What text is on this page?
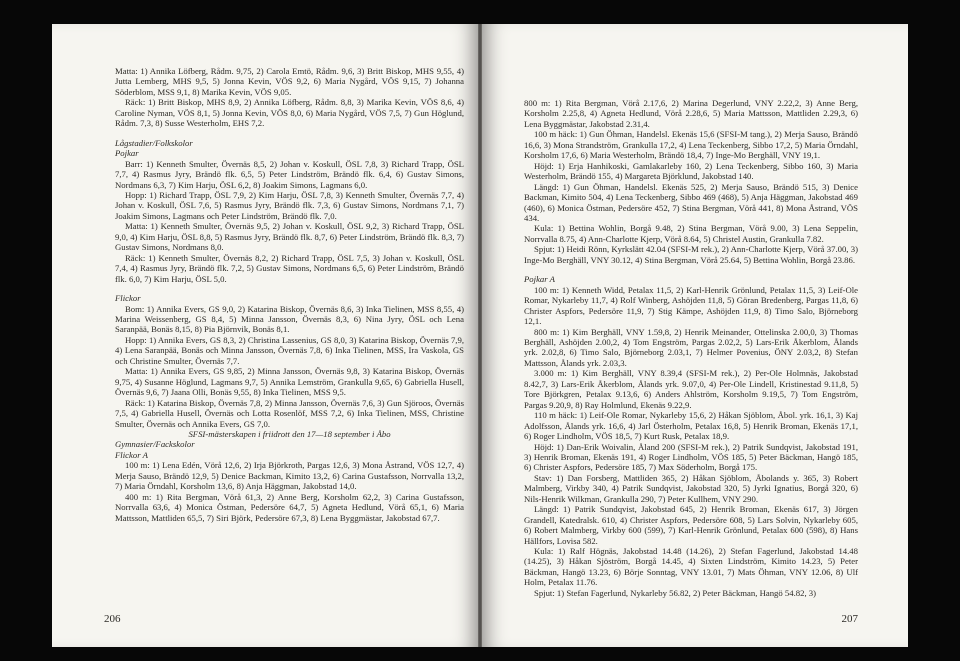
Matta: 1) Annika Löfberg, Rådm. 9,75, 2) Carola Emtö, Rådm. 9,6, 3) Britt Biskop, MHS 9,55, 4) Jutta Lemberg, MHS 9,5, 5) Jonna Kevin, VÖS 9,2, 6) Maria Nygård, VÖS 9,15, 7) Johanna Söderblom, MSS 9,1, 8) Marika Kevin, VÖS 9,05.

Räck: 1) Britt Biskop, MHS 8,9, 2) Annika Löfberg, Rådm. 8,8, 3) Marika Kevin, VÖS 8,6, 4) Caroline Nyman, VÖS 8,1, 5) Jonna Kevin, VÖS 8,0, 6) Maria Nygård, VÖS 7,5, 7) Gun Höglund, Rådm. 7,3, 8) Susse Westerholm, EHS 7,2.

Lågstadier/Folkskolor

Pojkar

Barr: 1) Kenneth Smulter, Övernäs 8,5, 2) Johan v. Koskull, ÖSL 7,8, 3) Richard Trapp, ÖSL 7,7, 4) Rasmus Jyry, Brändö flk. 6,5, 5) Peter Lindström, Brändö flk. 6,4, 6) Gustav Simons, Nordmans 6,3, 7) Kim Harju, ÖSL 6,2, 8) Joakim Simons, Lagmans 6,0.

Hopp: 1) Richard Trapp, ÖSL 7,9, 2) Kim Harju, ÖSL 7,8, 3) Kenneth Smulter, Övernäs 7,7, 4) Johan v. Koskull, ÖSL 7,6, 5) Rasmus Jyry, Brändö flk. 7,3, 6) Gustav Simons, Nordmans 7,1, 7) Joakim Simons, Lagmans och Peter Lindström, Brändö flk. 7,0.

Matta: 1) Kenneth Smulter, Övernäs 9,5, 2) Johan v. Koskull, ÖSL 9,2, 3) Richard Trapp, ÖSL 9,0, 4) Kim Harju, ÖSL 8,8, 5) Rasmus Jyry, Brändö flk. 8,7, 6) Peter Lindström, Brändö flk. 8,3, 7) Gustav Simons, Nordmans 8,0.

Räck: 1) Kenneth Smulter, Övernäs 8,2, 2) Richard Trapp, ÖSL 7,5, 3) Johan v. Koskull, ÖSL 7,4, 4) Rasmus Jyry, Brändö flk. 7,2, 5) Gustav Simons, Nordmans 6,5, 6) Peter Lindström, Brändö flk. 6,0, 7) Kim Harju, ÖSL 5,0.

Flickor

Bom: 1) Annika Evers, GS 9,0, 2) Katarina Biskop, Övernäs 8,6, 3) Inka Tielinen, MSS 8,55, 4) Marina Weissenberg, GS 8,4, 5) Minna Jansson, Övernäs 8,3, 6) Nina Jyry, ÖSL och Lena Saranpää, Bonäs 8,15, 8) Pia Björnvik, Bonäs 8,1.

Hopp: 1) Annika Evers, GS 8,3, 2) Christina Lassenius, GS 8,0, 3) Katarina Biskop, Övernäs 7,9, 4) Lena Saranpää, Bonäs och Minna Jansson, Övernäs 7,8, 6) Inka Tielinen, MSS, Ira Vaskola, GS och Christine Smulter, Övernäs 7,7.

Matta: 1) Annika Evers, GS 9,85, 2) Minna Jansson, Övernäs 9,8, 3) Katarina Biskop, Övernäs 9,75, 4) Susanne Höglund, Lagmans 9,7, 5) Annika Lemström, Grankulla 9,65, 6) Gabriella Husell, Övernäs 9,6, 7) Jaana Olli, Bonäs 9,55, 8) Inka Tielinen, MSS 9,5.

Räck: 1) Katarina Biskop, Övernäs 7,8, 2) Minna Jansson, Övernäs 7,6, 3) Gun Sjöroos, Övernäs 7,5, 4) Gabriella Husell, Övernäs och Lotta Rosenlöf, MSS 7,2, 6) Inka Tielinen, MSS, Christine Smulter, Övernäs och Annika Evers, GS 7,0.

SFSI-mästerskapen i friidrott den 17—18 september i Åbo

Gymnasier/Fackskolor

Flickor A

100 m: 1) Lena Edén, Vörå 12,6, 2) Irja Björkroth, Pargas 12,6, 3) Mona Åstrand, VÖS 12,7, 4) Merja Sauso, Brändö 12,9, 5) Denice Backman, Kimito 13,2, 6) Carina Gustafsson, Norrvalla 13,2, 7) Maria Örndahl, Korsholm 13,6, 8) Anja Häggman, Jakobstad 14,0.

400 m: 1) Rita Bergman, Vörå 61,3, 2) Anne Berg, Korsholm 62,2, 3) Carina Gustafsson, Norrvalla 63,6, 4) Monica Östman, Pedersöre 64,7, 5) Agneta Hedlund, Vörå 65,1, 6) Maria Mattsson, Mattliden 65,5, 7) Siri Björk, Pedersöre 67,3, 8) Lena Byggmästar, Jakobstad 67,7.

206

800 m: 1) Rita Bergman, Vörå 2.17,6, 2) Marina Degerlund, VNY 2.22,2, 3) Anne Berg, Korsholm 2.25,8, 4) Agneta Hedlund, Vörå 2.28,6, 5) Maria Mattsson, Mattliden 2.29,3, 6) Lena Byggmästar, Jakobstad 2.31,4.

100 m häck: 1) Gun Öhman, Handelsl. Ekenäs 15,6 (SFSI-M tang.), 2) Merja Sauso, Brändö 16,6, 3) Mona Strandström, Grankulla 17,2, 4) Lena Teckenberg, Sibbo 17,2, 5) Maria Örndahl, Korsholm 17,6, 6) Maria Westerholm, Brändö 18,4, 7) Inge-Mo Berghäll, VNY 19,1.

Höjd: 1) Erja Hanhikoski, Gamlakarleby 160, 2) Lena Teckenberg, Sibbo 160, 3) Maria Westerholm, Brändö 155, 4) Margareta Björklund, Jakobstad 140.

Längd: 1) Gun Öhman, Handelsl. Ekenäs 525, 2) Merja Sauso, Brändö 515, 3) Denice Backman, Kimito 504, 4) Lena Teckenberg, Sibbo 469 (468), 5) Anja Häggman, Jakobstad 469 (460), 6) Monica Östman, Pedersöre 452, 7) Stina Bergman, Vörå 441, 8) Mona Åstrand, VÖS 434.

Kula: 1) Bettina Wohlin, Borgå 9.48, 2) Stina Bergman, Vörå 9.00, 3) Lena Seppelin, Norrvalla 8.75, 4) Ann-Charlotte Kjerp, Vörå 8.64, 5) Christel Austin, Grankulla 7.82.

Spjut: 1) Heidi Rönn, Kyrkslätt 42.04 (SFSI-M rek.), 2) Ann-Charlotte Kjerp, Vörå 37.00, 3) Inge-Mo Berghäll, VNY 30.12, 4) Stina Bergman, Vörå 25.64, 5) Bettina Wohlin, Borgå 23.86.

Pojkar A

100 m: 1) Kenneth Widd, Petalax 11,5, 2) Karl-Henrik Grönlund, Petalax 11,5, 3) Leif-Ole Romar, Nykarleby 11,7, 4) Rolf Winberg, Ashöjden 11,8, 5) Göran Bredenberg, Pargas 11,8, 6) Christer Aspfors, Pedersöre 11,9, 7) Stig Kämpe, Ashöjden 11,9, 8) Timo Salo, Björneborg 12,1.

800 m: 1) Kim Berghäll, VNY 1.59,8, 2) Henrik Meinander, Ottelinska 2.00,0, 3) Thomas Berghäll, Ashöjden 2.00,2, 4) Tom Engström, Pargas 2.02,2, 5) Lars-Erik Åkerblom, Ålands yrk. 2.02,8, 6) Timo Salo, Björneborg 2.03,1, 7) Helmer Povenius, ÖNY 2.03,2, 8) Stefan Mattsson, Ålands yrk. 2.03,3.

3.000 m: 1) Kim Berghäll, VNY 8.39,4 (SFSI-M rek.), 2) Per-Ole Holmnäs, Jakobstad 8.42,7, 3) Lars-Erik Åkerblom, Ålands yrk. 9.07,0, 4) Per-Ole Lindell, Kristinestad 9.11,8, 5) Tore Björkgren, Petalax 9.13,6, 6) Anders Ahlström, Korsholm 9.19,5, 7) Tom Engström, Pargas 9.20,9, 8) Ray Holmlund, Ekenäs 9.22,9.

110 m häck: 1) Leif-Ole Romar, Nykarleby 15,6, 2) Håkan Sjöblom, Åbol. yrk. 16,1, 3) Kaj Adolfsson, Ålands yrk. 16,6, 4) Jarl Österholm, Petalax 16,8, 5) Henrik Broman, Ekenäs 17,1, 6) Roger Lindholm, VÖS 18,5, 7) Kurt Rusk, Petalax 18,9.

Höjd: 1) Dan-Erik Woivalin, Åland 200 (SFSI-M rek.), 2) Patrik Sundqvist, Jakobstad 191, 3) Henrik Broman, Ekenäs 191, 4) Roger Lindholm, VÖS 185, 5) Peter Bäckman, Hangö 185, 6) Christer Aspfors, Pedersöre 185, 7) Max Söderholm, Borgå 175.

Stav: 1) Dan Forsberg, Mattliden 365, 2) Håkan Sjöblom, Åbolands y. 365, 3) Robert Malmberg, Virkby 340, 4) Patrik Sundqvist, Jakobstad 320, 5) Jyrki Ignatius, Borgå 320, 6) Nils-Henrik Wilkman, Grankulla 290, 7) Peter Kullhem, VNY 290.

Längd: 1) Patrik Sundqvist, Jakobstad 645, 2) Henrik Broman, Ekenäs 617, 3) Jörgen Grandell, Katedralsk. 610, 4) Christer Aspfors, Pedersöre 608, 5) Lars Solvin, Nykarleby 605, 6) Robert Malmberg, Virkby 600 (599), 7) Karl-Henrik Grönlund, Petalax 600 (598), 8) Hans Hällfors, Lovisa 582.

Kula: 1) Ralf Högnäs, Jakobstad 14.48 (14.26), 2) Stefan Fagerlund, Jakobstad 14.48 (14.25), 3) Håkan Sjöström, Borgå 14.45, 4) Sixten Lindström, Kimito 14.23, 5) Peter Bäckman, Hangö 13.23, 6) Börje Sonntag, VNY 13.01, 7) Mats Öhman, VNY 12.06, 8) Ulf Holm, Petalax 11.76.

Spjut: 1) Stefan Fagerlund, Nykarleby 56.82, 2) Peter Bäckman, Hangö 54.82, 3)

207
